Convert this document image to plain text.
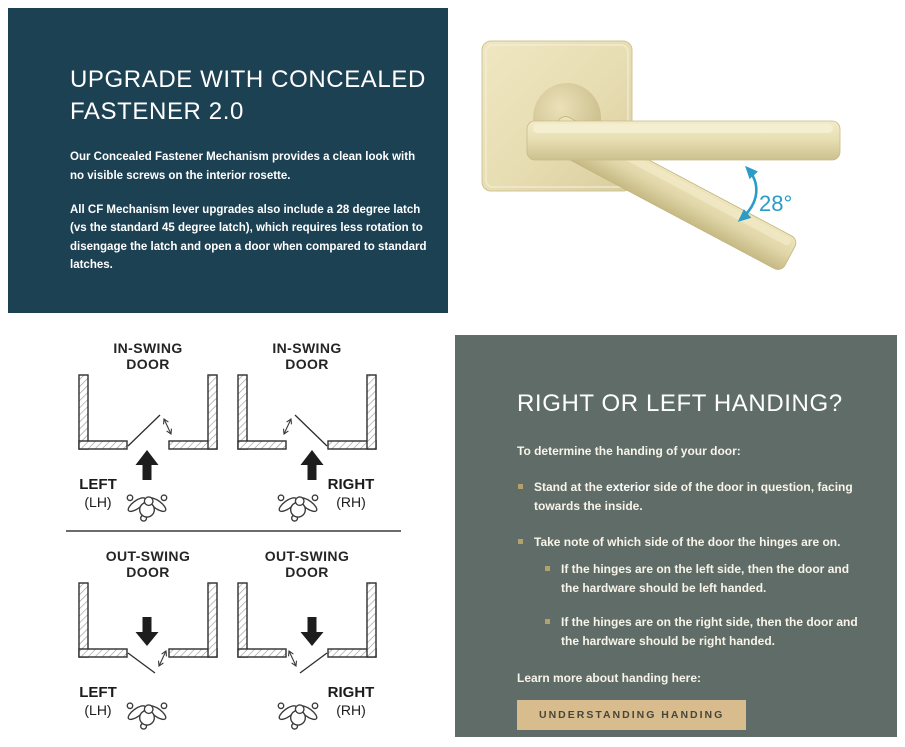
UPGRADE WITH CONCEALED FASTENER 2.0

Our Concealed Fastener Mechanism provides a clean look with no visible screws on the interior rosette.

All CF Mechanism lever upgrades also include a 28 degree latch (vs the standard 45 degree latch), which requires less rotation to disengage the latch and open a door when compared to standard latches.

28°
IN-SWING
DOOR
LEFT
(LH)
IN-SWING
DOOR
RIGHT
(RH)
OUT-SWING
DOOR
LEFT
(LH)
OUT-SWING
DOOR
RIGHT
(RH)
RIGHT OR LEFT HANDING?

To determine the handing of your door:

Stand at the exterior side of the door in question, facing towards the inside.
Take note of which side of the door the hinges are on.
If the hinges are on the left side, then the door and the hardware should be left handed.
If the hinges are on the right side, then the door and the hardware should be right handed.

Learn more about handing here:

UNDERSTANDING HANDING
